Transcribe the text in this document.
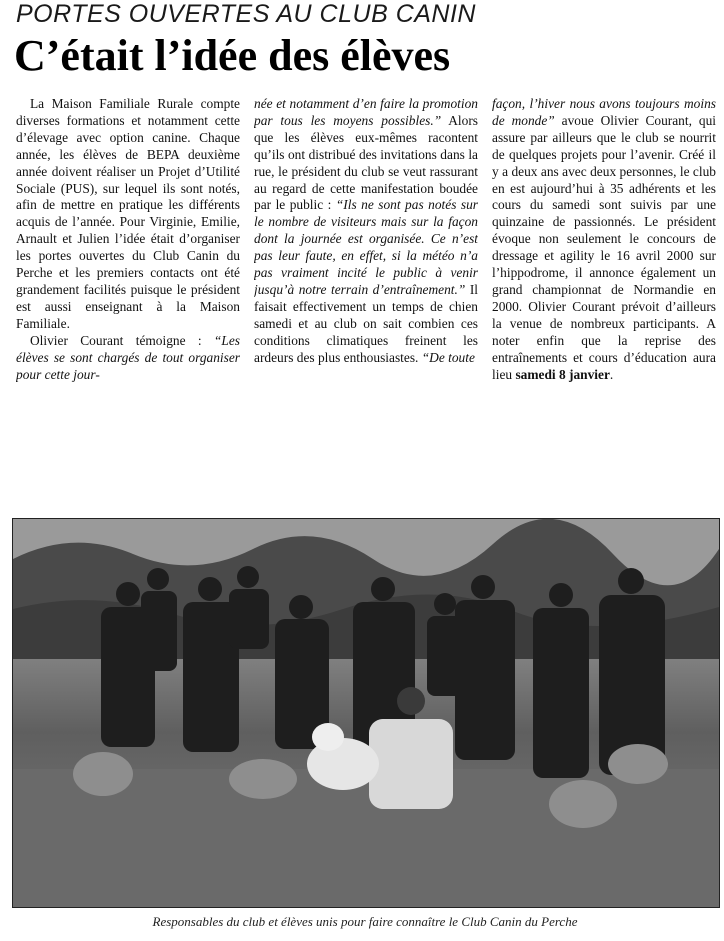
PORTES OUVERTES AU CLUB CANIN
C’était l’idée des élèves

La Maison Familiale Rurale compte diverses formations et notamment cette d’élevage avec option canine. Chaque année, les élèves de BEPA deuxième année doivent réaliser un Projet d’Utilité Sociale (PUS), sur lequel ils sont notés, afin de mettre en pratique les différents acquis de l’année. Pour Virginie, Emilie, Arnault et Julien l’idée était d’organiser les portes ouvertes du Club Canin du Perche et les premiers contacts ont été grandement facilités puisque le président est aussi enseignant à la Maison Familiale.

Olivier Courant témoigne : “Les élèves se sont chargés de tout organiser pour cette jour-

née et notamment d’en faire la promotion par tous les moyens possibles.” Alors que les élèves eux-mêmes racontent qu’ils ont distribué des invitations dans la rue, le président du club se veut rassurant au regard de cette manifestation boudée par le public : “Ils ne sont pas notés sur le nombre de visiteurs mais sur la façon dont la journée est organisée. Ce n’est pas leur faute, en effet, si la météo n’a pas vraiment incité le public à venir jusqu’à notre terrain d’entraînement.” Il faisait effectivement un temps de chien samedi et au club on sait combien ces conditions climatiques freinent les ardeurs des plus enthousiastes. “De toute

façon, l’hiver nous avons toujours moins de monde” avoue Olivier Courant, qui assure par ailleurs que le club se nourrit de quelques projets pour l’avenir. Créé il y a deux ans avec deux personnes, le club en est aujourd’hui à 35 adhérents et les cours du samedi sont suivis par une quinzaine de passionnés. Le président évoque non seulement le concours de dressage et agility le 16 avril 2000 sur l’hippodrome, il annonce également un grand championnat de Normandie en 2000. Olivier Courant prévoit d’ailleurs la venue de nombreux participants. A noter enfin que la reprise des entraînements et cours d’éducation aura lieu samedi 8 janvier.

Responsables du club et élèves unis pour faire connaître le Club Canin du Perche
